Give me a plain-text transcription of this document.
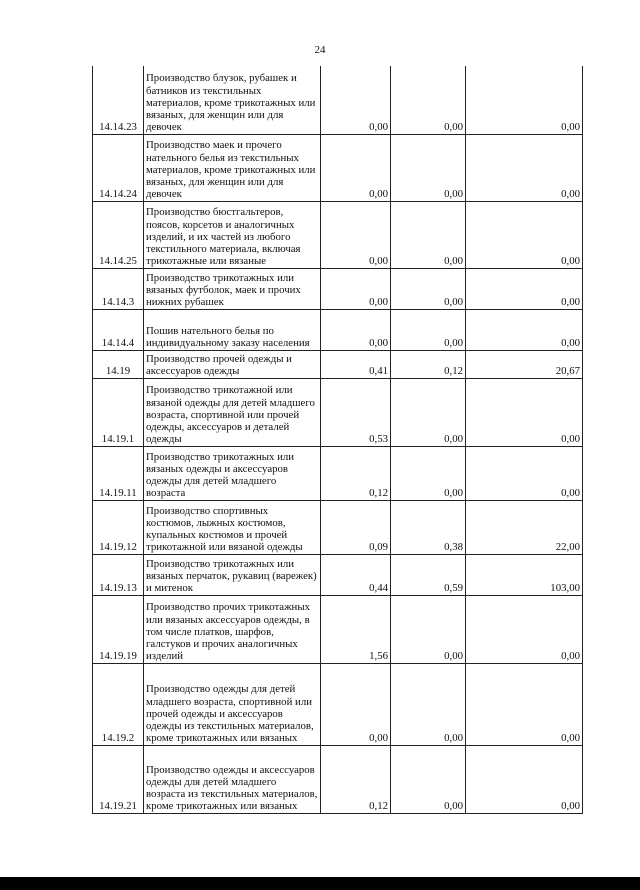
24
14.14.23	Производство блузок, рубашек и батников из текстильных материалов, кроме трикотажных или вязаных, для женщин или для девочек	0,00	0,00	0,00
14.14.24	Производство маек и прочего нательного белья из текстильных материалов, кроме трикотажных или вязаных, для женщин или для девочек	0,00	0,00	0,00
14.14.25	Производство бюстгальтеров, поясов, корсетов и аналогичных изделий, и их частей из любого текстильного материала, включая трикотажные или вязаные	0,00	0,00	0,00
14.14.3	Производство трикотажных или вязаных футболок, маек и прочих нижних рубашек	0,00	0,00	0,00
14.14.4	Пошив нательного белья по индивидуальному заказу населения	0,00	0,00	0,00
14.19	Производство прочей одежды и аксессуаров одежды	0,41	0,12	20,67
14.19.1	Производство трикотажной или вязаной одежды для детей младшего возраста, спортивной или прочей одежды, аксессуаров и деталей одежды	0,53	0,00	0,00
14.19.11	Производство трикотажных или вязаных одежды и аксессуаров одежды для детей младшего возраста	0,12	0,00	0,00
14.19.12	Производство спортивных костюмов, лыжных костюмов, купальных костюмов и прочей трикотажной или вязаной одежды	0,09	0,38	22,00
14.19.13	Производство трикотажных или вязаных перчаток, рукавиц (варежек) и митенок	0,44	0,59	103,00
14.19.19	Производство прочих трикотажных или вязаных аксессуаров одежды, в том числе платков, шарфов, галстуков и прочих аналогичных изделий	1,56	0,00	0,00
14.19.2	Производство одежды для детей младшего возраста, спортивной или прочей одежды и аксессуаров одежды из текстильных материалов, кроме трикотажных или вязаных	0,00	0,00	0,00
14.19.21	Производство одежды и аксессуаров одежды для детей младшего возраста из текстильных материалов, кроме трикотажных или вязаных	0,12	0,00	0,00
